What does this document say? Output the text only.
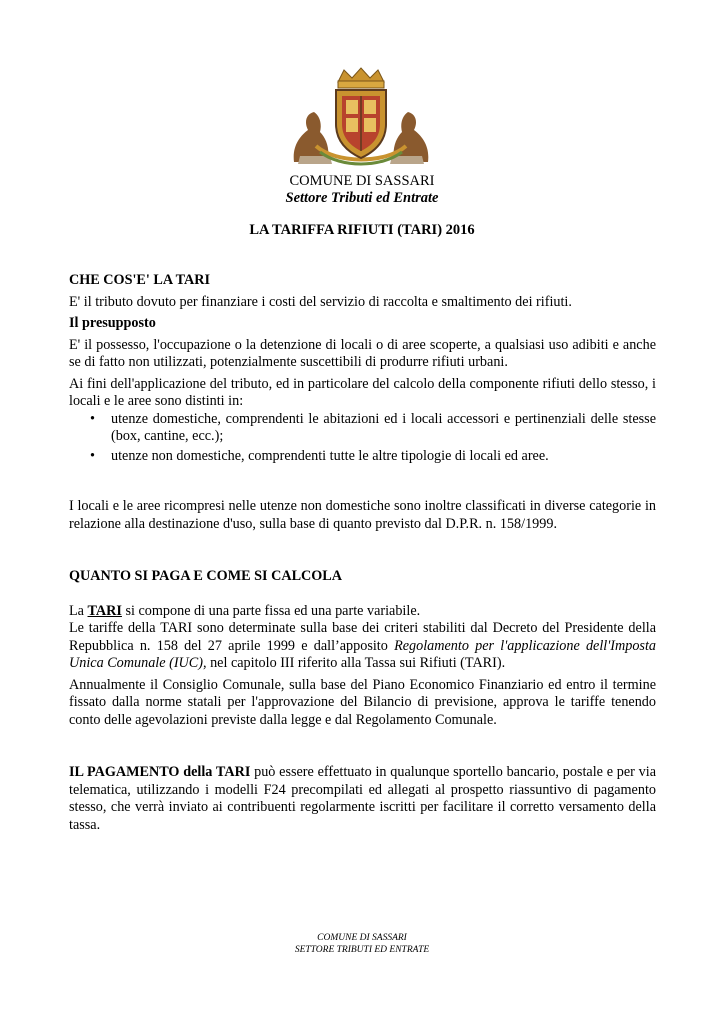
COMUNE DI SASSARI
Settore Tributi ed Entrate
LA TARIFFA RIFIUTI (TARI) 2016

CHE COS'E' LA TARI

E' il tributo dovuto per finanziare i costi del servizio di raccolta e smaltimento dei rifiuti.

Il presupposto

E' il possesso, l'occupazione o la detenzione di locali o di aree scoperte, a qualsiasi uso adibiti e anche se di fatto non utilizzati, potenzialmente suscettibili di produrre rifiuti urbani.

Ai fini dell'applicazione del tributo, ed in particolare del calcolo della componente rifiuti dello stesso, i locali e le aree sono distinti in:

• utenze domestiche, comprendenti le abitazioni ed i locali accessori e pertinenziali delle stesse (box, cantine, ecc.);
• utenze non domestiche, comprendenti tutte le altre tipologie di locali ed aree.

I locali e le aree ricompresi nelle utenze non domestiche sono inoltre classificati in diverse categorie in relazione alla destinazione d'uso, sulla base di quanto previsto dal D.P.R. n. 158/1999.

QUANTO SI PAGA E COME SI CALCOLA

La TARI si compone di una parte fissa ed una parte variabile.

Le tariffe della TARI sono determinate sulla base dei criteri stabiliti dal Decreto del Presidente della Repubblica n. 158 del 27 aprile 1999 e dall’apposito Regolamento per l'applicazione dell'Imposta Unica Comunale (IUC), nel capitolo III riferito alla Tassa sui Rifiuti (TARI).

Annualmente il Consiglio Comunale, sulla base del Piano Economico Finanziario ed entro il termine fissato dalla norme statali per l'approvazione del Bilancio di previsione, approva le tariffe tenendo conto delle agevolazioni previste dalla legge e dal Regolamento Comunale.

IL PAGAMENTO della TARI può essere effettuato in qualunque sportello bancario, postale e per via telematica, utilizzando i modelli F24 precompilati ed allegati al prospetto riassuntivo di pagamento stesso, che verrà inviato ai contribuenti regolarmente iscritti per facilitare il corretto versamento della tassa.

COMUNE DI SASSARI
SETTORE TRIBUTI ED ENTRATE
